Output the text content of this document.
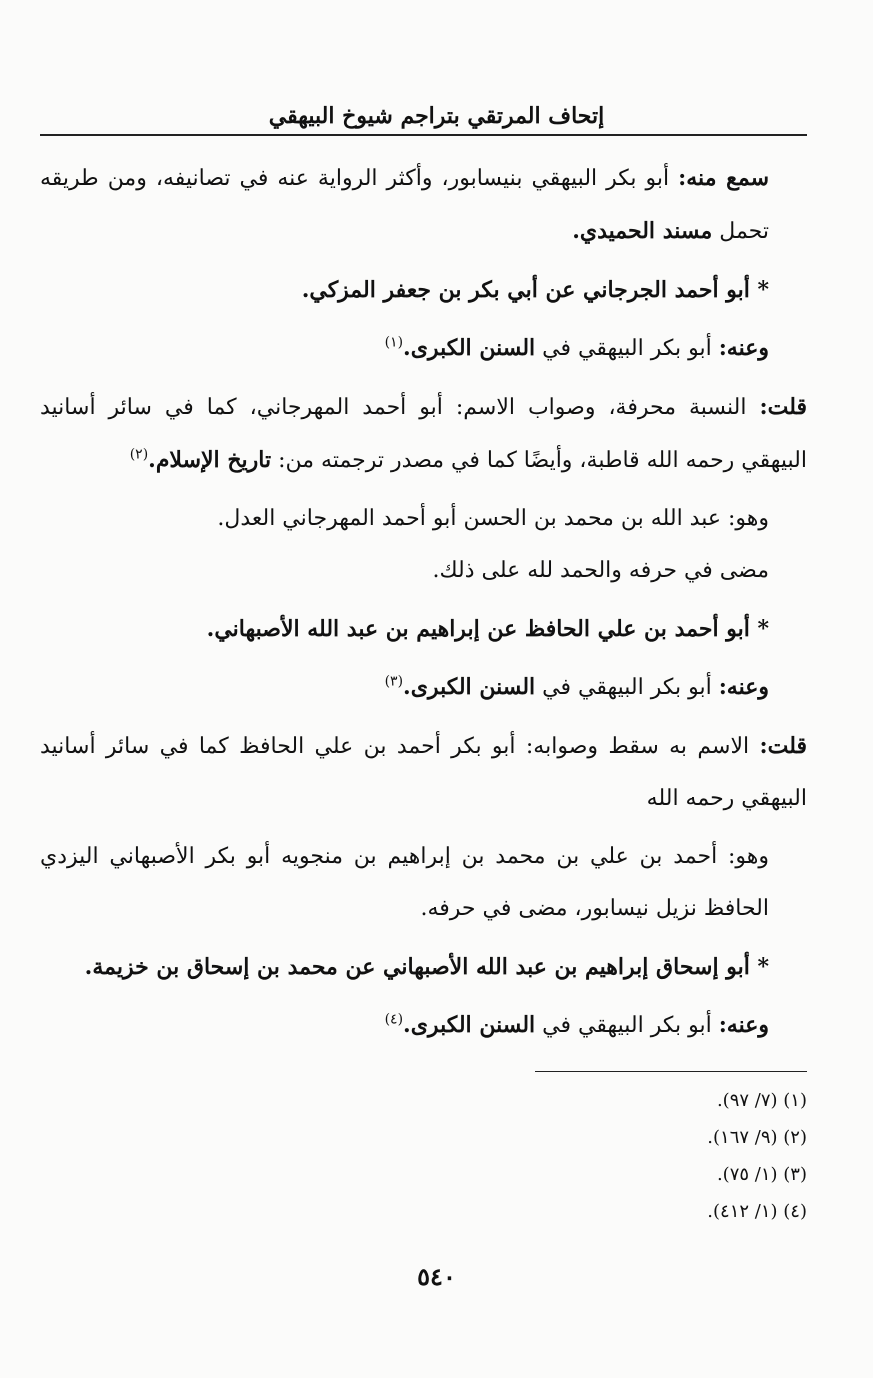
إتحاف المرتقي بتراجم شيوخ البيهقي

سمع منه: أبو بكر البيهقي بنيسابور، وأكثر الرواية عنه في تصانيفه، ومن طريقه تحمل مسند الحميدي.

* أبو أحمد الجرجاني عن أبي بكر بن جعفر المزكي.

وعنه: أبو بكر البيهقي في السنن الكبرى.$^{(١)}$

قلت: النسبة محرفة، وصواب الاسم: أبو أحمد المهرجاني، كما في سائر أسانيد البيهقي رحمه الله قاطبة، وأيضًا كما في مصدر ترجمته من: تاريخ الإسلام.$^{(٢)}$

وهو: عبد الله بن محمد بن الحسن أبو أحمد المهرجاني العدل.
مضى في حرفه والحمد لله على ذلك.

* أبو أحمد بن علي الحافظ عن إبراهيم بن عبد الله الأصبهاني.

وعنه: أبو بكر البيهقي في السنن الكبرى.$^{(٣)}$

قلت: الاسم به سقط وصوابه: أبو بكر أحمد بن علي الحافظ كما في سائر أسانيد البيهقي رحمه الله

وهو: أحمد بن علي بن محمد بن إبراهيم بن منجويه أبو بكر الأصبهاني اليزدي الحافظ نزيل نيسابور، مضى في حرفه.

* أبو إسحاق إبراهيم بن عبد الله الأصبهاني عن محمد بن إسحاق بن خزيمة.

وعنه: أبو بكر البيهقي في السنن الكبرى.$^{(٤)}$

(١) (٧/ ٩٧).
(٢) (٩/ ١٦٧).
(٣) (١/ ٧٥).
(٤) (١/ ٤١٢).
٥٤٠
